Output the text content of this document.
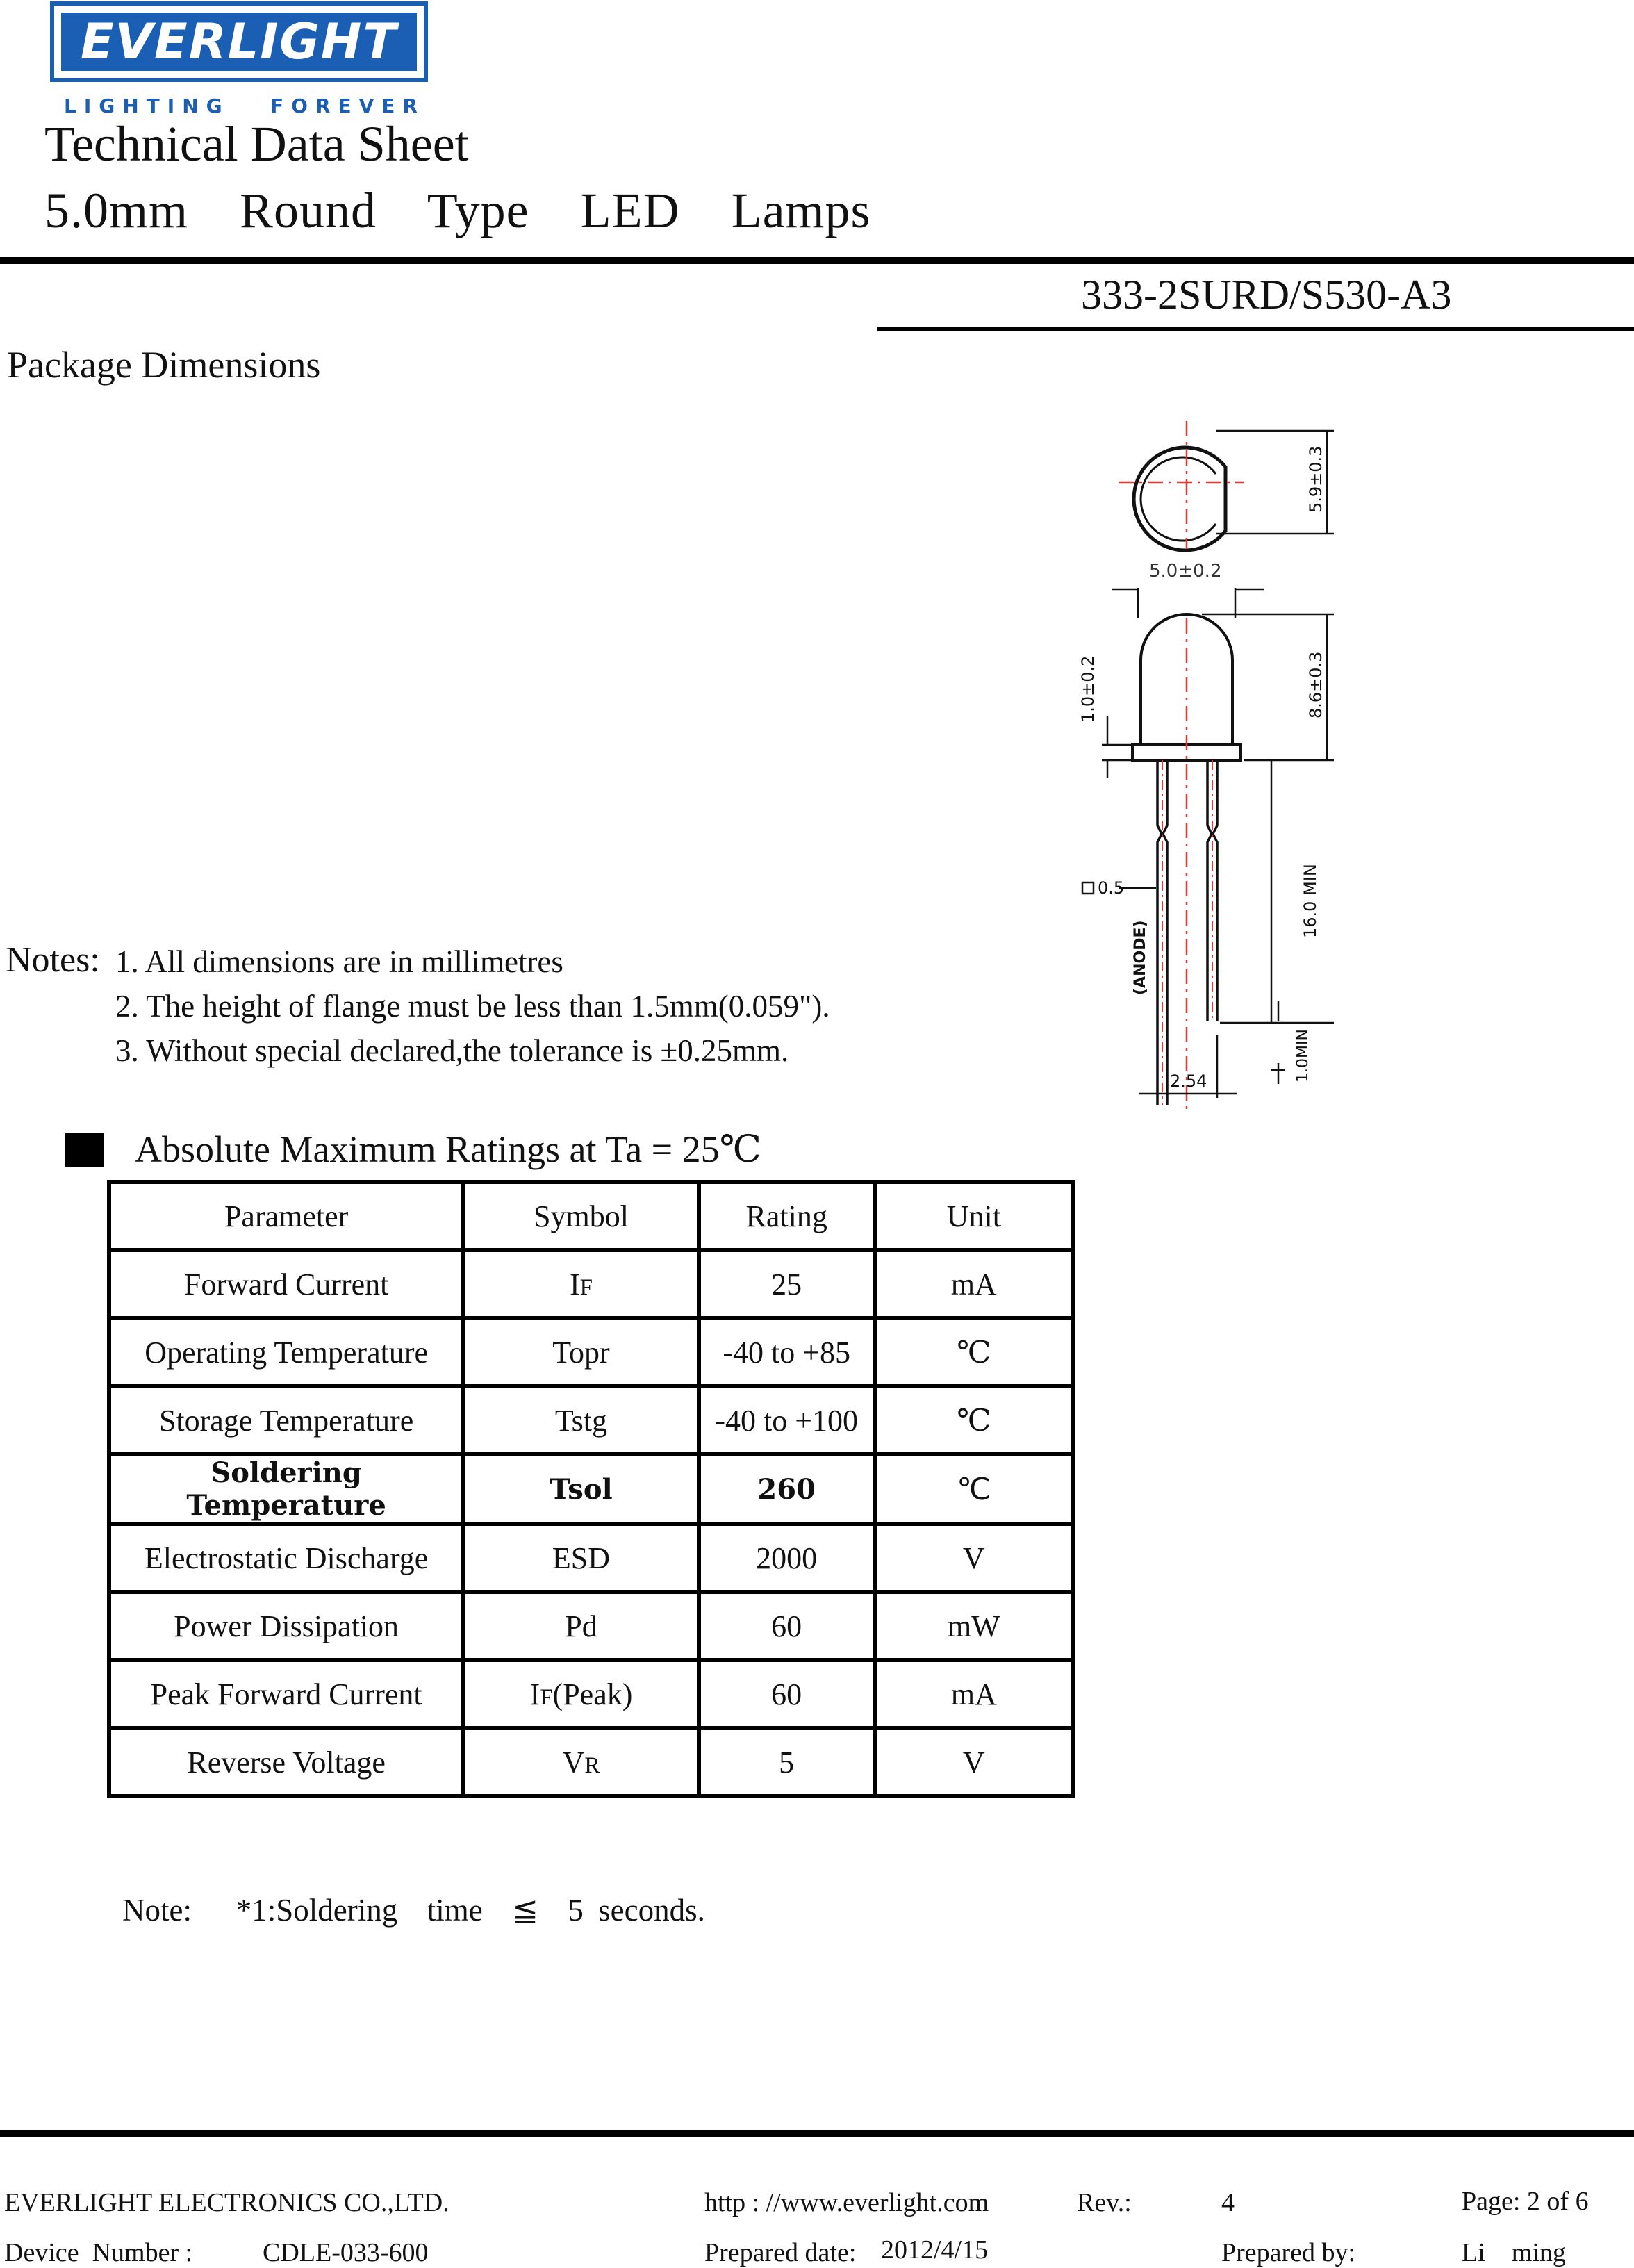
EVERLIGHT
LIGHTING FOREVER
Technical Data Sheet
5.0mm  Round  Type  LED  Lamps
333-2SURD/S530-A3
Package Dimensions
5.9±0.3
5.0±0.2
8.6±0.3
1.0±0.2
0.5	16.0 MIN
(ANODE)
1.0MIN
2.54
Notes: 1. All dimensions are in millimetres
2. The height of flange must be less than 1.5mm(0.059").
3. Without special declared,the tolerance is ±0.25mm.
Absolute Maximum Ratings at Ta = 25℃
Parameter	Symbol	Rating	Unit
Forward Current	IF	25	mA
Operating Temperature	Topr	-40 to +85	℃
Storage Temperature	Tstg	-40 to +100	℃
Soldering Temperature	Tsol	260	℃
Electrostatic Discharge	ESD	2000	V
Power Dissipation	Pd	60	mW
Peak Forward Current	IF(Peak)	60	mA
Reverse Voltage	VR	5	V
Note:   *1:Soldering  time  ≦  5 seconds.
EVERLIGHT ELECTRONICS CO.,LTD.	http : //www.everlight.com	Rev.:	4	Page: 2 of 6
Device  Number :	CDLE-033-600	Prepared date: 2012/4/15	Prepared by:	Li    ming
